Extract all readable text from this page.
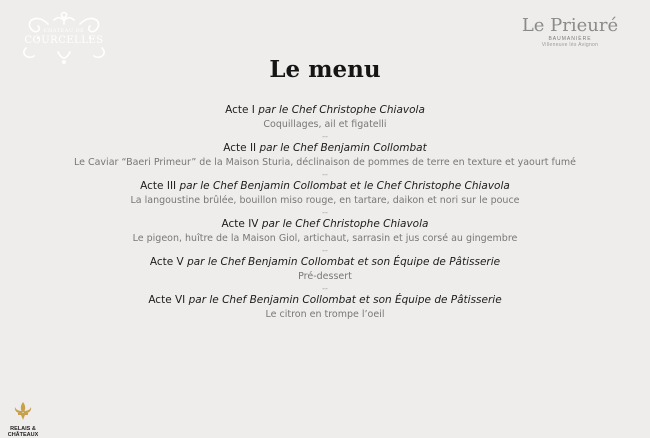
CHATEAU DE
COURCELLES
Le Prieuré
BAUMANIÈRE
Villeneuve lès Avignon
Le menu
Acte I par le Chef Christophe Chiavola
Coquillages, ail et figatelli
--
Acte II par le Chef Benjamin Collombat
Le Caviar “Baeri Primeur” de la Maison Sturia, déclinaison de pommes de terre en texture et yaourt fumé
--
Acte III par le Chef Benjamin Collombat et le Chef Christophe Chiavola
La langoustine brûlée, bouillon miso rouge, en tartare, daikon et nori sur le pouce
--
Acte IV par le Chef Christophe Chiavola
Le pigeon, huître de la Maison Giol, artichaut, sarrasin et jus corsé au gingembre
--
Acte V par le Chef Benjamin Collombat et son Équipe de Pâtisserie
Pré-dessert
--
Acte VI par le Chef Benjamin Collombat et son Équipe de Pâtisserie
Le citron en trompe l’oeil
RELAIS &
CHÂTEAUX
